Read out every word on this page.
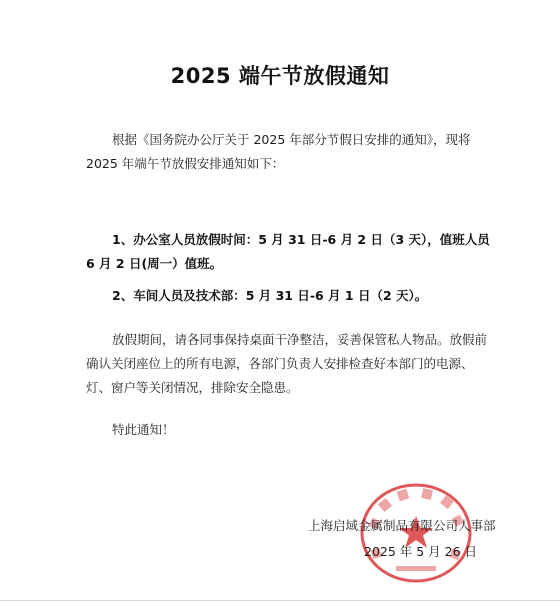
2025 端午节放假通知
根据《国务院办公厅关于 2025 年部分节假日安排的通知》，现将 2025 年端午节放假安排通知如下：
1、办公室人员放假时间：5 月 31 日-6 月 2 日（3 天），值班人员 6 月 2 日(周一）值班。
2、车间人员及技术部：5 月 31 日-6 月 1 日（2 天）。
放假期间，请各同事保持桌面干净整洁，妥善保管私人物品。放假前确认关闭座位上的所有电源，各部门负责人安排检查好本部门的电源、灯、窗户等关闭情况，排除安全隐患。
特此通知！
上海启域金属制品有限公司人事部
2025 年 5 月 26 日
